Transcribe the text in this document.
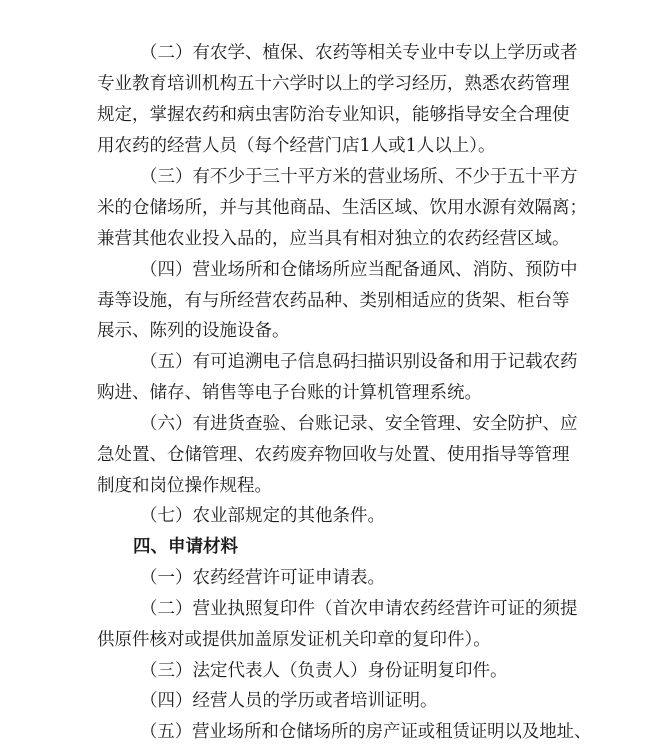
（二）有农学、植保、农药等相关专业中专以上学历或者
专业教育培训机构五十六学时以上的学习经历，熟悉农药管理
规定，掌握农药和病虫害防治专业知识，能够指导安全合理使
用农药的经营人员（每个经营门店1人或1人以上）。
（三）有不少于三十平方米的营业场所、不少于五十平方
米的仓储场所，并与其他商品、生活区域、饮用水源有效隔离；
兼营其他农业投入品的，应当具有相对独立的农药经营区域。
（四）营业场所和仓储场所应当配备通风、消防、预防中
毒等设施，有与所经营农药品种、类别相适应的货架、柜台等
展示、陈列的设施设备。
（五）有可追溯电子信息码扫描识别设备和用于记载农药
购进、储存、销售等电子台账的计算机管理系统。
（六）有进货查验、台账记录、安全管理、安全防护、应
急处置、仓储管理、农药废弃物回收与处置、使用指导等管理
制度和岗位操作规程。
（七）农业部规定的其他条件。
四、申请材料
（一）农药经营许可证申请表。
（二）营业执照复印件（首次申请农药经营许可证的须提
供原件核对或提供加盖原发证机关印章的复印件）。
（三）法定代表人（负责人）身份证明复印件。
（四）经营人员的学历或者培训证明。
（五）营业场所和仓储场所的房产证或租赁证明以及地址、
